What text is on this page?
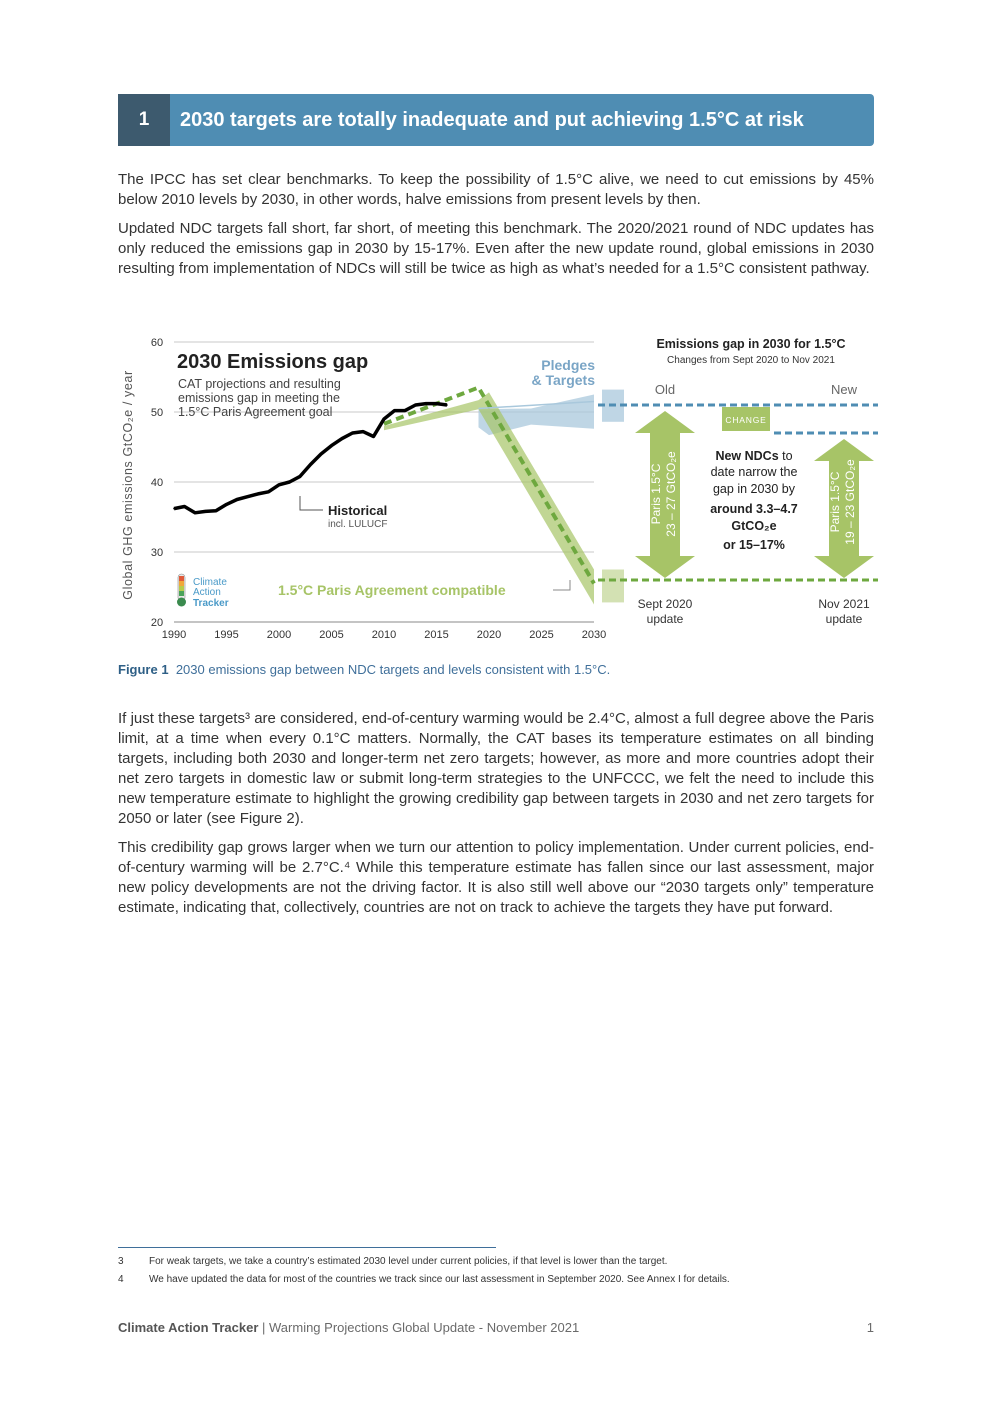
1	2030 targets are totally inadequate and put achieving 1.5°C at risk

The IPCC has set clear benchmarks. To keep the possibility of 1.5°C alive, we need to cut emissions by 45% below 2010 levels by 2030, in other words, halve emissions from present levels by then.

Updated NDC targets fall short, far short, of meeting this benchmark. The 2020/2021 round of NDC updates has only reduced the emissions gap in 2030 by 15-17%. Even after the new update round, global emissions in 2030 resulting from implementation of NDCs will still be twice as high as what’s needed for a 1.5°C consistent pathway.

20
30
40
50
60
1990	1995	2000	2005	2010	2015	2020	2025	2030
Global GHG emissions GtCO₂e / year
2030 Emissions gap
CAT projections and resulting
emissions gap in meeting the
1.5°C Paris Agreement goal
Pledges
& Targets
Historical
incl. LULUCF
1.5°C Paris Agreement compatible
Climate
Action
Tracker
Emissions gap in 2030 for 1.5°C
Changes from Sept 2020 to Nov 2021
Old	New
CHANGE
Paris 1.5°C 23 – 27 GtCO₂e	Paris 1.5°C 19 – 23 GtCO₂e
New NDCs to
date narrow the
gap in 2030 by
around 3.3–4.7
GtCO₂e
or 15–17%
Sept 2020
update
Nov 2021
update
Figure 1 2030 emissions gap between NDC targets and levels consistent with 1.5°C.

If just these targets³ are considered, end-of-century warming would be 2.4°C, almost a full degree above the Paris limit, at a time when every 0.1°C matters. Normally, the CAT bases its temperature estimates on all binding targets, including both 2030 and longer-term net zero targets; however, as more and more countries adopt their net zero targets in domestic law or submit long-term strategies to the UNFCCC, we felt the need to include this new temperature estimate to highlight the growing credibility gap between targets in 2030 and net zero targets for 2050 or later (see Figure 2).

This credibility gap grows larger when we turn our attention to policy implementation. Under current policies, end-of-century warming will be 2.7°C.⁴ While this temperature estimate has fallen since our last assessment, major new policy developments are not the driving factor. It is also still well above our “2030 targets only” temperature estimate, indicating that, collectively, countries are not on track to achieve the targets they have put forward.

3	For weak targets, we take a country’s estimated 2030 level under current policies, if that level is lower than the target.
4	We have updated the data for most of the countries we track since our last assessment in September 2020. See Annex I for details.
Climate Action Tracker | Warming Projections Global Update - November 2021	1
